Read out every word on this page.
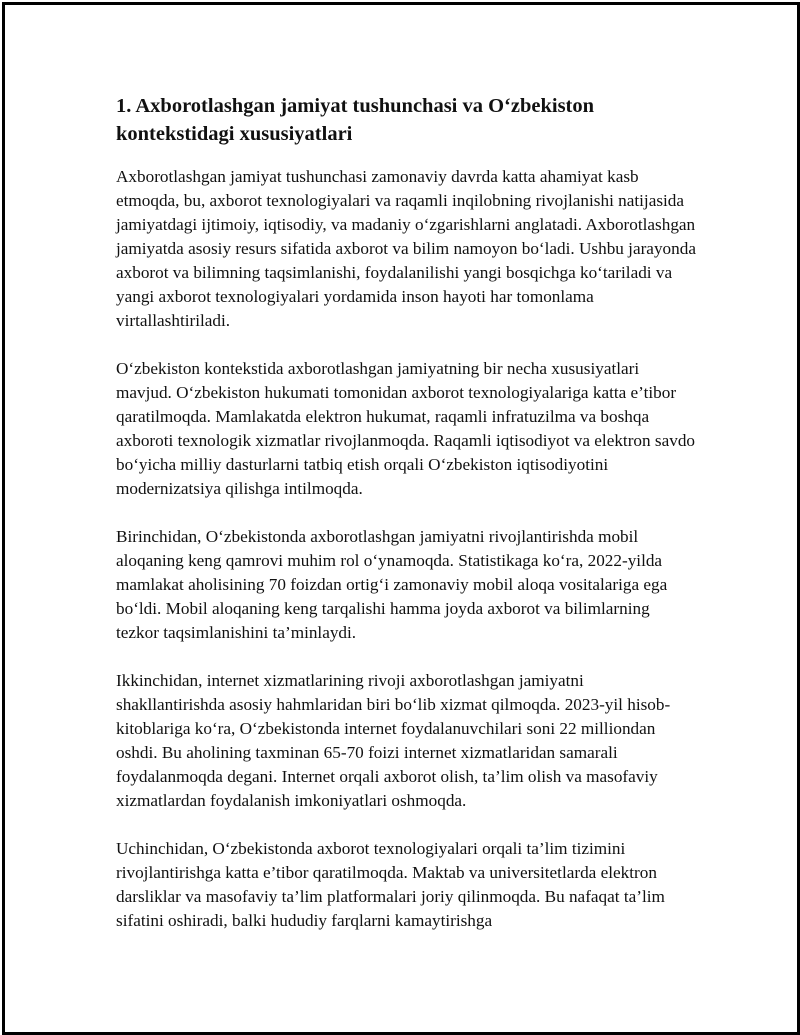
1. Axborotlashgan jamiyat tushunchasi va O‘zbekiston kontekstidagi xususiyatlari

Axborotlashgan jamiyat tushunchasi zamonaviy davrda katta ahamiyat kasb etmoqda, bu, axborot texnologiyalari va raqamli inqilobning rivojlanishi natijasida jamiyatdagi ijtimoiy, iqtisodiy, va madaniy o‘zgarishlarni anglatadi. Axborotlashgan jamiyatda asosiy resurs sifatida axborot va bilim namoyon bo‘ladi. Ushbu jarayonda axborot va bilimning taqsimlanishi, foydalanilishi yangi bosqichga ko‘tariladi va yangi axborot texnologiyalari yordamida inson hayoti har tomonlama virtallashtiriladi.

O‘zbekiston kontekstida axborotlashgan jamiyatning bir necha xususiyatlari mavjud. O‘zbekiston hukumati tomonidan axborot texnologiyalariga katta e’tibor qaratilmoqda. Mamlakatda elektron hukumat, raqamli infratuzilma va boshqa axboroti texnologik xizmatlar rivojlanmoqda. Raqamli iqtisodiyot va elektron savdo bo‘yicha milliy dasturlarni tatbiq etish orqali O‘zbekiston iqtisodiyotini modernizatsiya qilishga intilmoqda.

Birinchidan, O‘zbekistonda axborotlashgan jamiyatni rivojlantirishda mobil aloqaning keng qamrovi muhim rol o‘ynamoqda. Statistikaga ko‘ra, 2022-yilda mamlakat aholisining 70 foizdan ortig‘i zamonaviy mobil aloqa vositalariga ega bo‘ldi. Mobil aloqaning keng tarqalishi hamma joyda axborot va bilimlarning tezkor taqsimlanishini ta’minlaydi.

Ikkinchidan, internet xizmatlarining rivoji axborotlashgan jamiyatni shakllantirishda asosiy hahmlaridan biri bo‘lib xizmat qilmoqda. 2023-yil hisob-kitoblariga ko‘ra, O‘zbekistonda internet foydalanuvchilari soni 22 milliondan oshdi. Bu aholining taxminan 65-70 foizi internet xizmatlaridan samarali foydalanmoqda degani. Internet orqali axborot olish, ta’lim olish va masofaviy xizmatlardan foydalanish imkoniyatlari oshmoqda.

Uchinchidan, O‘zbekistonda axborot texnologiyalari orqali ta’lim tizimini rivojlantirishga katta e’tibor qaratilmoqda. Maktab va universitetlarda elektron darsliklar va masofaviy ta’lim platformalari joriy qilinmoqda. Bu nafaqat ta’lim sifatini oshiradi, balki hududiy farqlarni kamaytirishga
